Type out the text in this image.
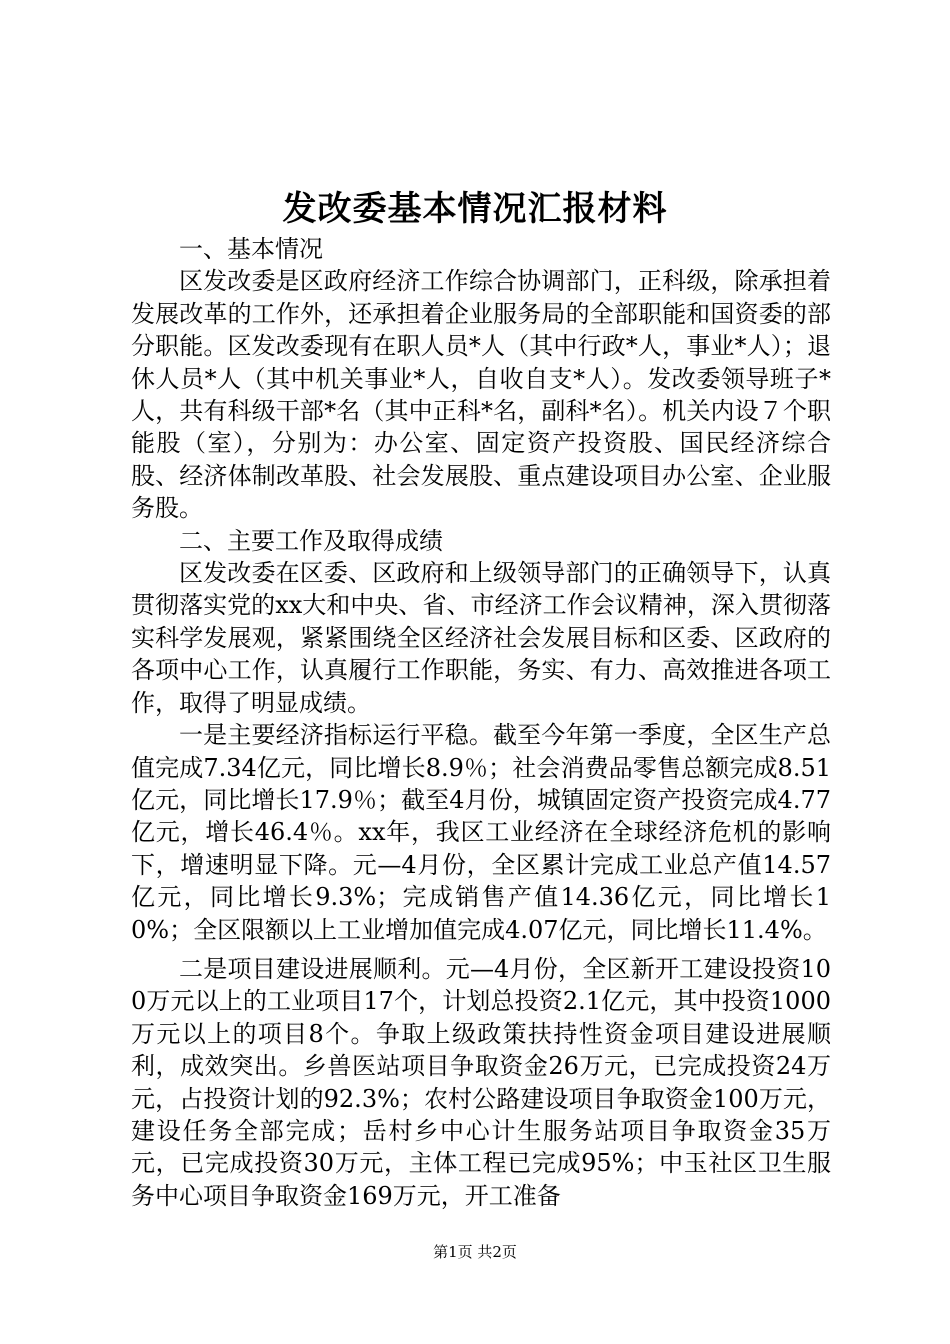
发改委基本情况汇报材料

一、基本情况

区发改委是区政府经济工作综合协调部门，正科级，除承担着发展改革的工作外，还承担着企业服务局的全部职能和国资委的部分职能。区发改委现有在职人员*人（其中行政*人，事业*人）；退休人员*人（其中机关事业*人，自收自支*人）。发改委领导班子*人，共有科级干部*名（其中正科*名，副科*名）。机关内设７个职能股（室），分别为：办公室、固定资产投资股、国民经济综合股、经济体制改革股、社会发展股、重点建设项目办公室、企业服务股。

二、主要工作及取得成绩

区发改委在区委、区政府和上级领导部门的正确领导下，认真贯彻落实党的xx大和中央、省、市经济工作会议精神，深入贯彻落实科学发展观，紧紧围绕全区经济社会发展目标和区委、区政府的各项中心工作，认真履行工作职能，务实、有力、高效推进各项工作，取得了明显成绩。

一是主要经济指标运行平稳。截至今年第一季度，全区生产总值完成7.34亿元，同比增长8.9％；社会消费品零售总额完成8.51亿元，同比增长17.9％；截至4月份，城镇固定资产投资完成4.77亿元，增长46.4％。xx年，我区工业经济在全球经济危机的影响下，增速明显下降。元—4月份，全区累计完成工业总产值14.57亿元，同比增长9.3%；完成销售产值14.36亿元，同比增长10%；全区限额以上工业增加值完成4.07亿元，同比增长11.4%。

二是项目建设进展顺利。元—4月份，全区新开工建设投资100万元以上的工业项目17个，计划总投资2.1亿元，其中投资1000万元以上的项目8个。争取上级政策扶持性资金项目建设进展顺利，成效突出。乡兽医站项目争取资金26万元，已完成投资24万元，占投资计划的92.3%；农村公路建设项目争取资金100万元，建设任务全部完成；岳村乡中心计生服务站项目争取资金35万元，已完成投资30万元，主体工程已完成95%；中玉社区卫生服务中心项目争取资金169万元，开工准备

第1页 共2页
